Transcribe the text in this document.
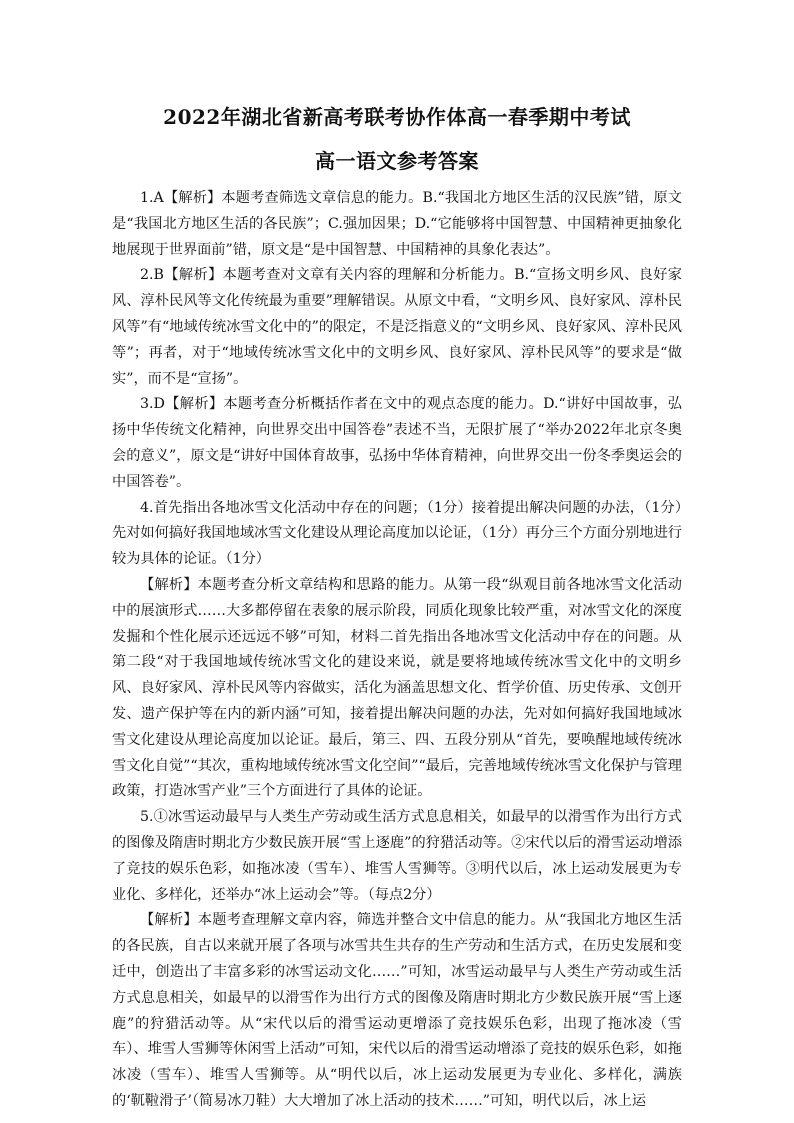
2022年湖北省新高考联考协作体高一春季期中考试
高一语文参考答案

1.A【解析】本题考查筛选文章信息的能力。B.“我国北方地区生活的汉民族”错，原文是“我国北方地区生活的各民族”；C.强加因果；D.“它能够将中国智慧、中国精神更抽象化地展现于世界面前”错，原文是“是中国智慧、中国精神的具象化表达”。

2.B【解析】本题考查对文章有关内容的理解和分析能力。B.“宣扬文明乡风、良好家风、淳朴民风等文化传统最为重要”理解错误。从原文中看，“文明乡风、良好家风、淳朴民风等”有“地域传统冰雪文化中的”的限定，不是泛指意义的“文明乡风、良好家风、淳朴民风等”；再者，对于“地域传统冰雪文化中的文明乡风、良好家风、淳朴民风等”的要求是“做实”，而不是“宣扬”。

3.D【解析】本题考查分析概括作者在文中的观点态度的能力。D.“讲好中国故事，弘扬中华传统文化精神，向世界交出中国答卷”表述不当，无限扩展了“举办2022年北京冬奥会的意义”，原文是“讲好中国体育故事，弘扬中华体育精神，向世界交出一份冬季奥运会的中国答卷”。

4.首先指出各地冰雪文化活动中存在的问题；（1分）接着提出解决问题的办法，（1分）先对如何搞好我国地域冰雪文化建设从理论高度加以论证，（1分）再分三个方面分别地进行较为具体的论证。（1分）

【解析】本题考查分析文章结构和思路的能力。从第一段“纵观目前各地冰雪文化活动中的展演形式……大多都停留在表象的展示阶段，同质化现象比较严重，对冰雪文化的深度发掘和个性化展示还远远不够”可知，材料二首先指出各地冰雪文化活动中存在的问题。从第二段“对于我国地域传统冰雪文化的建设来说，就是要将地域传统冰雪文化中的文明乡风、良好家风、淳朴民风等内容做实，活化为涵盖思想文化、哲学价值、历史传承、文创开发、遗产保护等在内的新内涵”可知，接着提出解决问题的办法，先对如何搞好我国地域冰雪文化建设从理论高度加以论证。最后，第三、四、五段分别从“首先，要唤醒地域传统冰雪文化自觉”“其次，重构地域传统冰雪文化空间”“最后，完善地域传统冰雪文化保护与管理政策，打造冰雪产业”三个方面进行了具体的论证。

5.①冰雪运动最早与人类生产劳动或生活方式息息相关，如最早的以滑雪作为出行方式的图像及隋唐时期北方少数民族开展“雪上逐鹿”的狩猎活动等。②宋代以后的滑雪运动增添了竞技的娱乐色彩，如拖冰凌（雪车）、堆雪人雪狮等。③明代以后，冰上运动发展更为专业化、多样化，还举办“冰上运动会”等。（每点2分）

【解析】本题考查理解文章内容，筛选并整合文中信息的能力。从“我国北方地区生活的各民族，自古以来就开展了各项与冰雪共生共存的生产劳动和生活方式，在历史发展和变迁中，创造出了丰富多彩的冰雪运动文化……”可知，冰雪运动最早与人类生产劳动或生活方式息息相关，如最早的以滑雪作为出行方式的图像及隋唐时期北方少数民族开展“雪上逐鹿”的狩猎活动等。从“宋代以后的滑雪运动更增添了竞技娱乐色彩，出现了拖冰凌（雪车）、堆雪人雪狮等休闲雪上活动”可知，宋代以后的滑雪运动增添了竞技的娱乐色彩，如拖冰凌（雪车）、堆雪人雪狮等。从“明代以后，冰上运动发展更为专业化、多样化，满族的‘靰鞡滑子’（简易冰刀鞋）大大增加了冰上活动的技术……”可知，明代以后，冰上运
